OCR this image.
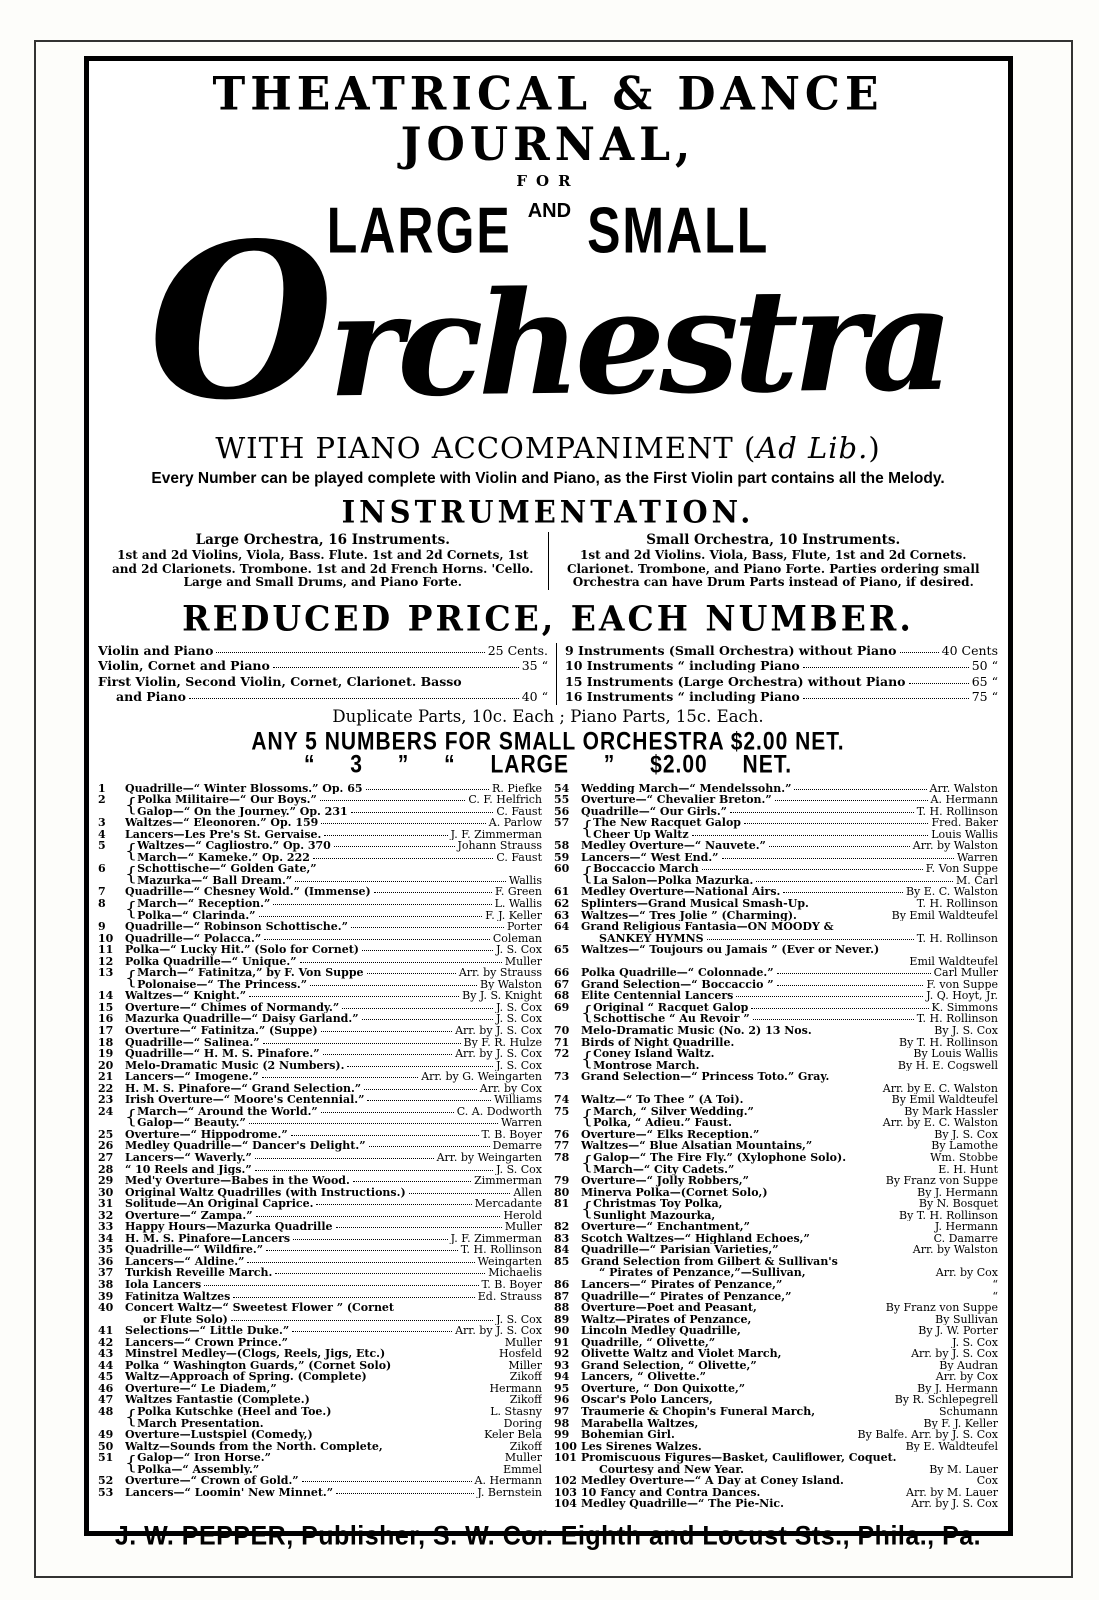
THEATRICAL & DANCE JOURNAL,
FOR
LARGE AND SMALL
Orchestra
WITH PIANO ACCOMPANIMENT (Ad Lib.)
Every Number can be played complete with Violin and Piano, as the First Violin part contains all the Melody.
INSTRUMENTATION.
Large Orchestra, 16 Instruments.
1st and 2d Violins, Viola, Bass. Flute. 1st and 2d Cornets, 1st and 2d Clarionets. Trombone. 1st and 2d French Horns. 'Cello. Large and Small Drums, and Piano Forte.
Small Orchestra, 10 Instruments.
1st and 2d Violins. Viola, Bass, Flute, 1st and 2d Cornets. Clarionet. Trombone, and Piano Forte. Parties ordering small Orchestra can have Drum Parts instead of Piano, if desired.
REDUCED PRICE, EACH NUMBER.
Violin and Piano	25 Cents.
Violin, Cornet and Piano	35 “
First Violin, Second Violin, Cornet, Clarionet. Basso
and Piano	40 “
9 Instruments (Small Orchestra) without Piano	40 Cents
10 Instruments “ including Piano	50 “
15 Instruments (Large Orchestra) without Piano	65 “
16 Instruments “ including Piano	75 “
Duplicate Parts, 10c. Each ; Piano Parts, 15c. Each.
ANY 5 NUMBERS FOR SMALL ORCHESTRA $2.00 NET.
“ 3 ” “ LARGE ” $2.00 NET.
1	Quadrille—“ Winter Blossoms.” Op. 65	R. Piefke
2	{ Polka Militaire—“ Our Boys.”	C. F. Helfrich
Galop—“ On the Journey.” Op. 231	C. Faust
3	Waltzes—“ Eleonoren.” Op. 159	A. Parlow
4	Lancers—Les Pre's St. Gervaise.	J. F. Zimmerman
5	{ Waltzes—“ Cagliostro.” Op. 370	Johann Strauss
March—“ Kameke.” Op. 222	C. Faust
6	{ Schottische—“ Golden Gate,”
Mazurka—“ Ball Dream.”	Wallis
7	Quadrille—“ Chesney Wold.” (Immense)	F. Green
8	{ March—“ Reception.”	L. Wallis
Polka—“ Clarinda.”	F. J. Keller
9	Quadrille—“ Robinson Schottische.”	Porter
10	Quadrille—“ Polacca.”	Coleman
11	Polka—“ Lucky Hit.” (Solo for Cornet)	J. S. Cox
12	Polka Quadrille—“ Unique.”	Muller
13 { March—“ Fatinitza,” by F. Von Suppe	Arr. by Strauss
Polonaise—“ The Princess.”	By Walston
14	Waltzes—“ Knight.”	By J. S. Knight
15	Overture—“ Chimes of Normandy.”	J. S. Cox
16	Mazurka Quadrille—“ Daisy Garland.”	J. S. Cox
17	Overture—“ Fatinitza.” (Suppe)	Arr. by J. S. Cox
18	Quadrille—“ Salinea.”	By F. R. Hulze
19	Quadrille—“ H. M. S. Pinafore.”	Arr. by J. S. Cox
20	Melo-Dramatic Music (2 Numbers).	J. S. Cox
21	Lancers—“ Imogene.”	Arr. by G. Weingarten
22	H. M. S. Pinafore—“ Grand Selection.”	Arr. by Cox
23	Irish Overture—“ Moore's Centennial.”	Williams
24 { March—“ Around the World.”	C. A. Dodworth
Galop—“ Beauty.”	Warren
25	Overture—“ Hippodrome.”	T. B. Boyer
26	Medley Quadrille—“ Dancer's Delight.”	Demarre
27	Lancers—“ Waverly.”	Arr. by Weingarten
28	“ 10 Reels and Jigs.”	J. S. Cox
29	Med'y Overture—Babes in the Wood.	Zimmerman
30	Original Waltz Quadrilles (with Instructions.)	Allen
31	Solitude—An Original Caprice.	Mercadante
32	Overture—“ Zampa.”	Herold
33	Happy Hours—Mazurka Quadrille	Muller
34	H. M. S. Pinafore—Lancers	J. F. Zimmerman
35	Quadrille—“ Wildfire.”	T. H. Rollinson
36	Lancers—“ Aldine.”	Weingarten
37	Turkish Reveille March.	Michaelis
38	Iola Lancers	T. B. Boyer
39	Fatinitza Waltzes	Ed. Strauss
40	Concert Waltz—“ Sweetest Flower ” (Cornet
or Flute Solo)	J. S. Cox
41	Selections—“ Little Duke.”	Arr. by J. S. Cox
42	Lancers—“ Crown Prince.”	Muller
43	Minstrel Medley—(Clogs, Reels, Jigs, Etc.)	Hosfeld
44	Polka “ Washington Guards,” (Cornet Solo)	Miller
45	Waltz—Approach of Spring. (Complete)	Zikoff
46	Overture—“ Le Diadem,”	Hermann
47	Waltzes Fantastie (Complete.)	Zikoff
48 { Polka Kutschke (Heel and Toe.)	L. Stasny
March Presentation.	Doring
49	Overture—Lustspiel (Comedy,)	Keler Bela
50	Waltz—Sounds from the North. Complete,	Zikoff
51 { Galop—“ Iron Horse.”	Muller
Polka—“ Assembly.”	Emmel
52	Overture—“ Crown of Gold.”	A. Hermann
53	Lancers—“ Loomin' New Minnet.”	J. Bernstein
54	Wedding March—“ Mendelssohn.”	Arr. Walston
55	Overture—“ Chevalier Breton.”	A. Hermann
56	Quadrille—“ Our Girls.”	T. H. Rollinson
57 { The New Racquet Galop	Fred. Baker
Cheer Up Waltz	Louis Wallis
58	Medley Overture—“ Nauvete.”	Arr. by Walston
59	Lancers—“ West End.”	Warren
60 { Boccaccio March	F. Von Suppe
La Salon—Polka Mazurka.	M. Carl
61	Medley Overture—National Airs.	By E. C. Walston
62	Splinters—Grand Musical Smash-Up.	T. H. Rollinson
63	Waltzes—“ Tres Jolie ” (Charming).	By Emil Waldteufel
64	Grand Religious Fantasia—ON MOODY &
SANKEY HYMNS	T. H. Rollinson
65	Waltzes—“ Toujours ou Jamais ” (Ever or Never.)
Emil Waldteufel
66	Polka Quadrille—“ Colonnade.”	Carl Muller
67	Grand Selection—“ Boccaccio ”	F. von Suppe
68	Elite Centennial Lancers	J. Q. Hoyt, Jr.
69 { Original “ Racquet Galop	K. Simmons
Schottische “ Au Revoir ”	T. H. Rollinson
70	Melo-Dramatic Music (No. 2) 13 Nos.	By J. S. Cox
71	Birds of Night Quadrille.	By T. H. Rollinson
72 { Coney Island Waltz.	By Louis Wallis
Montrose March.	By H. E. Cogswell
73	Grand Selection—“ Princess Toto.” Gray.
Arr. by E. C. Walston
74	Waltz—“ To Thee ” (A Toi).	By Emil Waldteufel
75 { March, “ Silver Wedding.”	By Mark Hassler
Polka, “ Adieu.” Faust.	Arr. by E. C. Walston
76	Overture—“ Elks Reception.”	By J. S. Cox
77	Waltzes—“ Blue Alsatian Mountains,”	By Lamothe
78 { Galop—“ The Fire Fly.” (Xylophone Solo).	Wm. Stobbe
March—“ City Cadets.”	E. H. Hunt
79	Overture—“ Jolly Robbers,”	By Franz von Suppe
80	Minerva Polka—(Cornet Solo,)	By J. Hermann
81 { Christmas Toy Polka,	By N. Bosquet
Sunlight Mazourka,	By T. H. Rollinson
82	Overture—“ Enchantment,”	J. Hermann
83	Scotch Waltzes—“ Highland Echoes,”	C. Damarre
84	Quadrille—“ Parisian Varieties,”	Arr. by Walston
85	Grand Selection from Gilbert & Sullivan's
“ Pirates of Penzance,”—Sullivan,	Arr. by Cox
86	Lancers—“ Pirates of Penzance,”	“
87	Quadrille—“ Pirates of Penzance,”	“
88	Overture—Poet and Peasant,	By Franz von Suppe
89	Waltz—Pirates of Penzance,	By Sullivan
90	Lincoln Medley Quadrille,	By J. W. Porter
91	Quadrille, “ Olivette,”	J. S. Cox
92	Olivette Waltz and Violet March,	Arr. by J. S. Cox
93	Grand Selection, “ Olivette,”	By Audran
94	Lancers, “ Olivette.”	Arr. by Cox
95	Overture, “ Don Quixotte,”	By J. Hermann
96	Oscar's Polo Lancers,	By R. Schlepegrell
97	Traumerie & Chopin's Funeral March,	Schumann
98	Marabella Waltzes,	By F. J. Keller
99	Bohemian Girl.	By Balfe. Arr. by J. S. Cox
100 Les Sirenes Walzes.	By E. Waldteufel
101 Promiscuous Figures—Basket, Cauliflower, Coquet.
Courtesy and New Year.	By M. Lauer
102 Medley Overture—“ A Day at Coney Island.	Cox
103 10 Fancy and Contra Dances.	Arr. by M. Lauer
104 Medley Quadrille—“ The Pie-Nic.	Arr. by J. S. Cox
J. W. PEPPER, Publisher, S. W. Cor. Eighth and Locust Sts., Phila., Pa.
